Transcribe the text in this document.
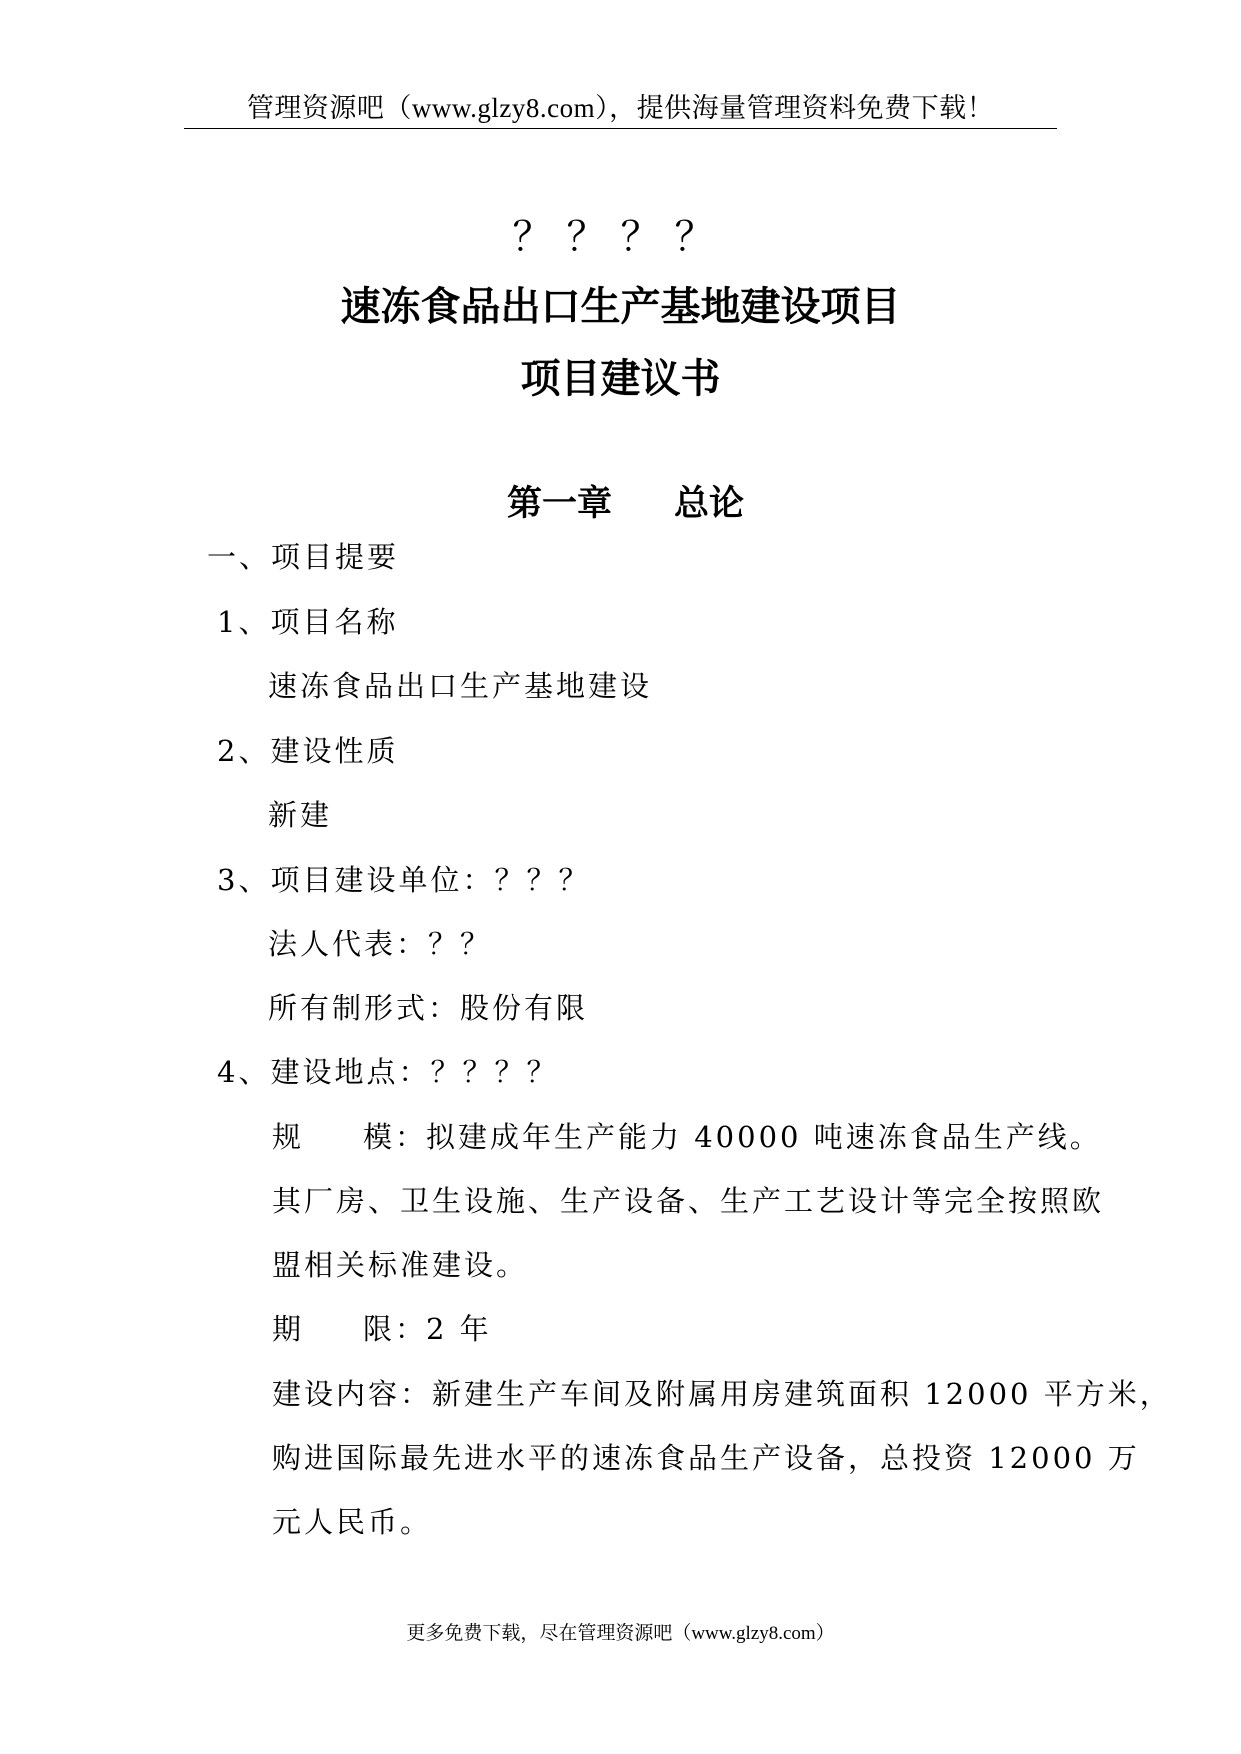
管理资源吧（www.glzy8.com），提供海量管理资料免费下载！
？？？？
速冻食品出口生产基地建设项目
项目建议书
第一章 总论
一、项目提要
1、项目名称
速冻食品出口生产基地建设
2、建设性质
新建
3、项目建设单位：？？？
法人代表：？？
所有制形式：股份有限
4、建设地点：？？？？
规 模：
拟建成年生产能力 40000 吨速冻食品生产线。
其厂房、卫生设施、生产设备、生产工艺设计等完全按照欧
盟相关标准建设。
期 限：
2 年
建设内容：新建生产车间及附属用房建筑面积 12000 平方米，
购进国际最先进水平的速冻食品生产设备，总投资 12000 万
元人民币。
更多免费下载，尽在管理资源吧（www.glzy8.com）
